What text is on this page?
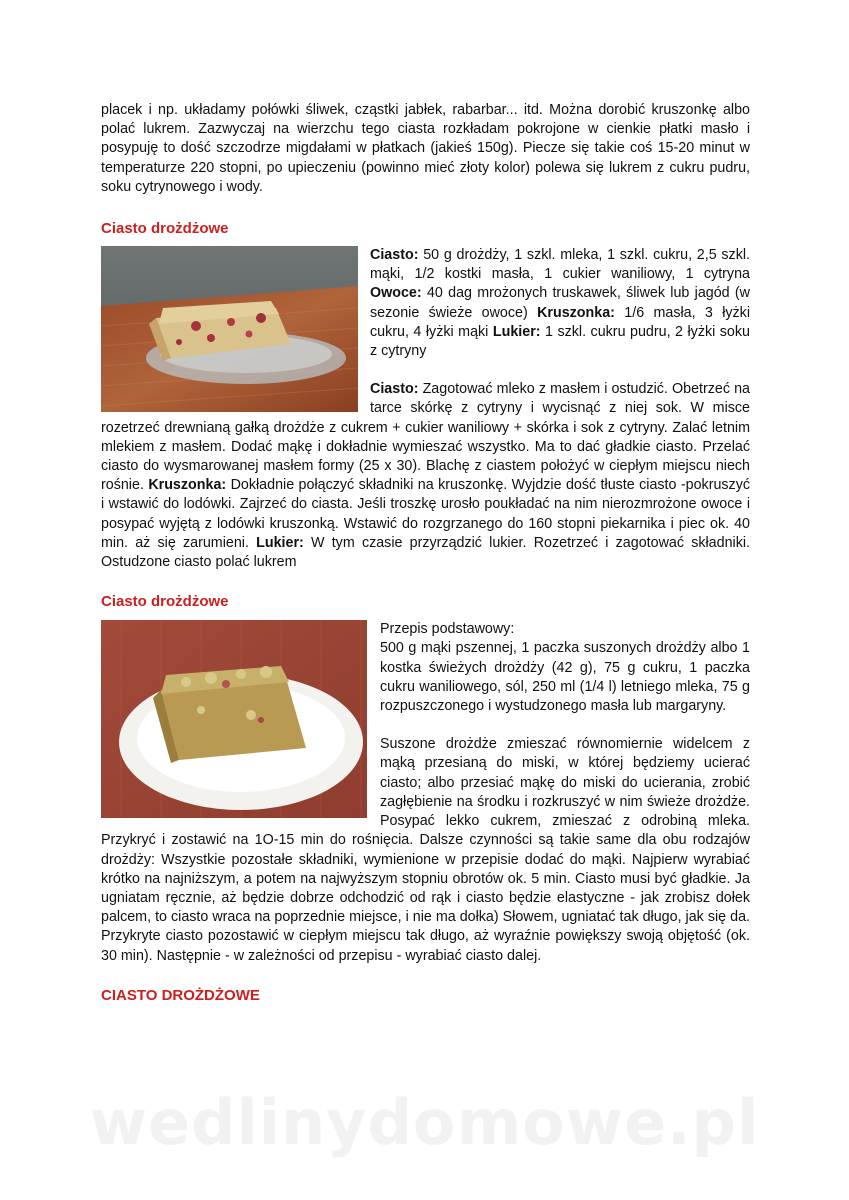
placek i np. układamy połówki śliwek, cząstki jabłek, rabarbar... itd. Można dorobić kruszonkę albo polać lukrem. Zazwyczaj na wierzchu tego ciasta rozkładam pokrojone w cienkie płatki masło i posypuję to dość szczodrze migdałami w płatkach (jakieś 150g). Piecze się takie coś 15-20 minut w temperaturze 220 stopni, po upieczeniu (powinno mieć złoty kolor) polewa się lukrem z cukru pudru, soku cytrynowego i wody.

Ciasto drożdżowe

Ciasto: 50 g drożdży, 1 szkl. mleka, 1 szkl. cukru, 2,5 szkl. mąki, 1/2 kostki masła, 1 cukier waniliowy, 1 cytryna Owoce: 40 dag mrożonych truskawek, śliwek lub jagód (w sezonie świeże owoce) Kruszonka: 1/6 masła, 3 łyżki cukru, 4 łyżki mąki Lukier: 1 szkl. cukru pudru, 2 łyżki soku z cytryny

Ciasto: Zagotować mleko z masłem i ostudzić. Obetrzeć na tarce skórkę z cytryny i wycisnąć z niej sok. W misce rozetrzeć drewnianą gałką drożdże z cukrem + cukier waniliowy + skórka i sok z cytryny. Zalać letnim mlekiem z masłem. Dodać mąkę i dokładnie wymieszać wszystko. Ma to dać gładkie ciasto. Przelać ciasto do wysmarowanej masłem formy (25 x 30). Blachę z ciastem położyć w ciepłym miejscu niech rośnie. Kruszonka: Dokładnie połączyć składniki na kruszonkę. Wyjdzie dość tłuste ciasto -pokruszyć i wstawić do lodówki. Zajrzeć do ciasta. Jeśli troszkę urosło poukładać na nim nierozmrożone owoce i posypać wyjętą z lodówki kruszonką. Wstawić do rozgrzanego do 160 stopni piekarnika i piec ok. 40 min. aż się zarumieni. Lukier: W tym czasie przyrządzić lukier. Rozetrzeć i zagotować składniki. Ostudzone ciasto polać lukrem

Ciasto drożdżowe

Przepis podstawowy:

500 g mąki pszennej, 1 paczka suszonych drożdży albo 1 kostka świeżych drożdży (42 g), 75 g cukru, 1 paczka cukru waniliowego, sól, 250 ml (1/4 l) letniego mleka, 75 g rozpuszczonego i wystudzonego masła lub margaryny.

Suszone drożdże zmieszać równomiernie widelcem z mąką przesianą do miski, w której będziemy ucierać ciasto; albo przesiać mąkę do miski do ucierania, zrobić zagłębienie na środku i rozkruszyć w nim świeże drożdże. Posypać lekko cukrem, zmieszać z odrobiną mleka. Przykryć i zostawić na 1O-15 min do rośnięcia. Dalsze czynności są takie same dla obu rodzajów drożdży: Wszystkie pozostałe składniki, wymienione w przepisie dodać do mąki. Najpierw wyrabiać krótko na najniższym, a potem na najwyższym stopniu obrotów ok. 5 min. Ciasto musi być gładkie. Ja ugniatam ręcznie, aż będzie dobrze odchodzić od rąk i ciasto będzie elastyczne - jak zrobisz dołek palcem, to ciasto wraca na poprzednie miejsce, i nie ma dołka) Słowem, ugniatać tak długo, jak się da. Przykryte ciasto pozostawić w ciepłym miejscu tak długo, aż wyraźnie powiększy swoją objętość (ok. 30 min). Następnie - w zależności od przepisu - wyrabiać ciasto dalej.

CIASTO DROŻDŻOWE
wedlinydomowe.pl
